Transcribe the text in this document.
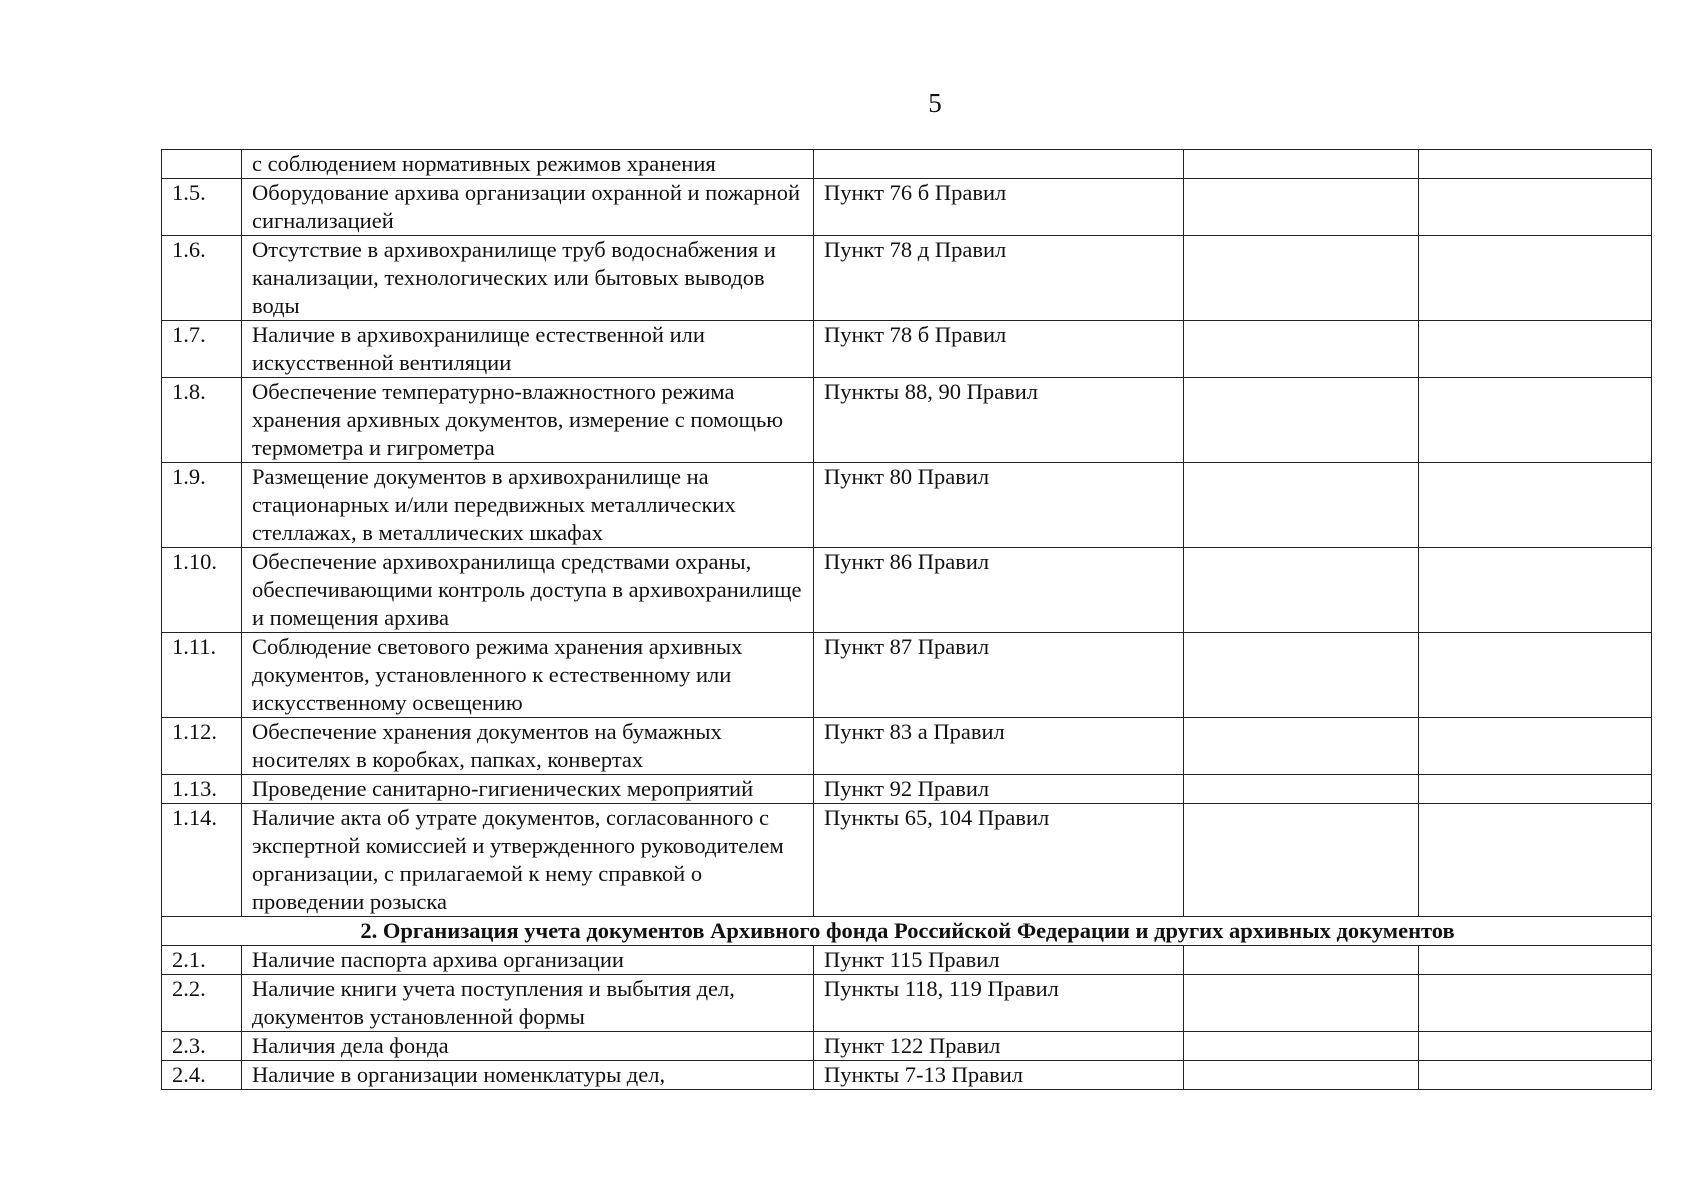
5
	с соблюдением нормативных режимов хранения			
1.5.	Оборудование архива организации охранной и пожарной сигнализацией	Пункт 76 б Правил		
1.6.	Отсутствие в архивохранилище труб водоснабжения и канализации, технологических или бытовых выводов воды	Пункт 78 д Правил		
1.7.	Наличие в архивохранилище естественной или искусственной вентиляции	Пункт 78 б Правил		
1.8.	Обеспечение температурно-влажностного режима хранения архивных документов, измерение с помощью термометра и гигрометра	Пункты 88, 90 Правил		
1.9.	Размещение документов в архивохранилище на стационарных и/или передвижных металлических стеллажах, в металлических шкафах	Пункт 80 Правил		
1.10.	Обеспечение архивохранилища средствами охраны, обеспечивающими контроль доступа в архивохранилище и помещения архива	Пункт 86 Правил		
1.11.	Соблюдение светового режима хранения архивных документов, установленного к естественному или искусственному освещению	Пункт 87 Правил		
1.12.	Обеспечение хранения документов на бумажных носителях в коробках, папках, конвертах	Пункт 83 а Правил		
1.13.	Проведение санитарно-гигиенических мероприятий	Пункт 92 Правил		
1.14.	Наличие акта об утрате документов, согласованного с экспертной комиссией и утвержденного руководителем организации, с прилагаемой к нему справкой о проведении розыска	Пункты 65, 104 Правил		
2. Организация учета документов Архивного фонда Российской Федерации и других архивных документов				
2.1.	Наличие паспорта архива организации	Пункт 115 Правил		
2.2.	Наличие книги учета поступления и выбытия дел, документов установленной формы	Пункты 118, 119 Правил		
2.3.	Наличия дела фонда	Пункт 122 Правил		
2.4.	Наличие в организации номенклатуры дел,	Пункты 7-13 Правил		
